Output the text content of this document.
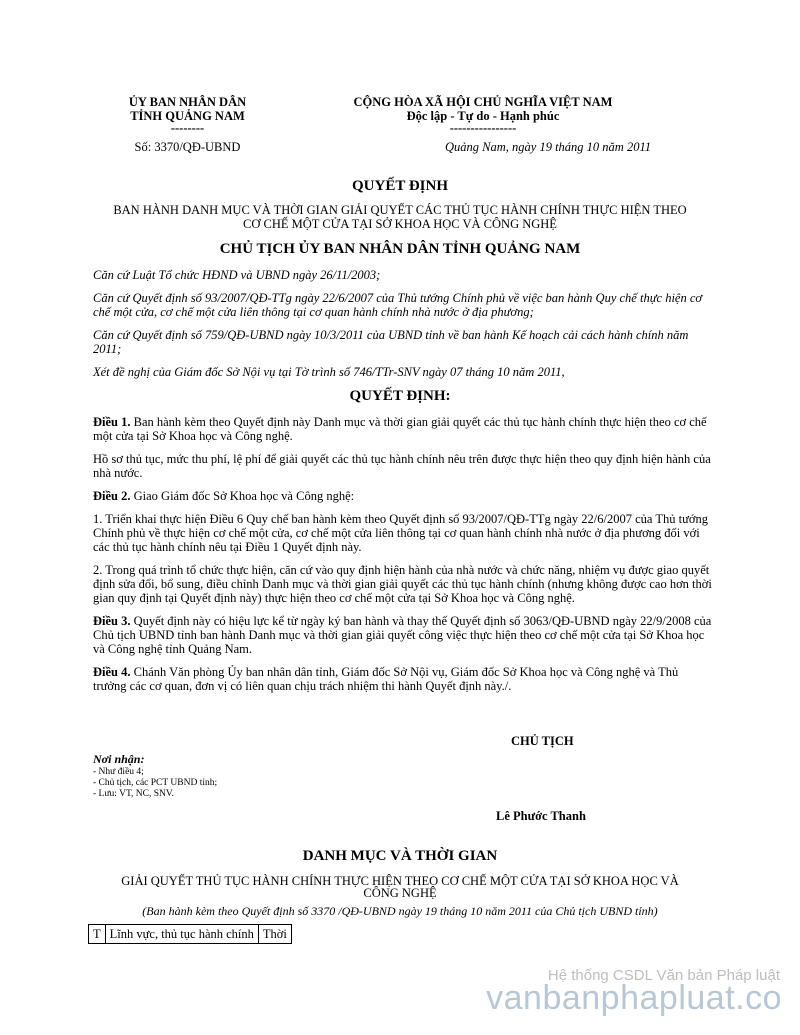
ỦY BAN NHÂN DÂN
TỈNH QUẢNG NAM
--------
Số: 3370/QĐ-UBND
CỘNG HÒA XÃ HỘI CHỦ NGHĨA VIỆT NAM
Độc lập - Tự do - Hạnh phúc
----------------
Quảng Nam, ngày 19 tháng 10 năm 2011
QUYẾT ĐỊNH
BAN HÀNH DANH MỤC VÀ THỜI GIAN GIẢI QUYẾT CÁC THỦ TỤC HÀNH CHÍNH THỰC HIỆN THEO
CƠ CHẾ MỘT CỬA TẠI SỞ KHOA HỌC VÀ CÔNG NGHỆ
CHỦ TỊCH ỦY BAN NHÂN DÂN TỈNH QUẢNG NAM

Căn cứ Luật Tổ chức HĐND và UBND ngày 26/11/2003;

Căn cứ Quyết định số 93/2007/QĐ-TTg ngày 22/6/2007 của Thủ tướng Chính phủ về việc ban hành Quy chế thực hiện cơ chế một cửa, cơ chế một cửa liên thông tại cơ quan hành chính nhà nước ở địa phương;

Căn cứ Quyết định số 759/QĐ-UBND ngày 10/3/2011 của UBND tỉnh về ban hành Kế hoạch cải cách hành chính năm 2011;

Xét đề nghị của Giám đốc Sở Nội vụ tại Tờ trình số 746/TTr-SNV ngày 07 tháng 10 năm 2011,

QUYẾT ĐỊNH:

Điều 1. Ban hành kèm theo Quyết định này Danh mục và thời gian giải quyết các thủ tục hành chính thực hiện theo cơ chế một cửa tại Sở Khoa học và Công nghệ.

Hồ sơ thủ tục, mức thu phí, lệ phí để giải quyết các thủ tục hành chính nêu trên được thực hiện theo quy định hiện hành của nhà nước.

Điều 2. Giao Giám đốc Sở Khoa học và Công nghệ:

1. Triển khai thực hiện Điều 6 Quy chế ban hành kèm theo Quyết định số 93/2007/QĐ-TTg ngày 22/6/2007 của Thủ tướng Chính phủ về thực hiện cơ chế một cửa, cơ chế một cửa liên thông tại cơ quan hành chính nhà nước ở địa phương đối với các thủ tục hành chính nêu tại Điều 1 Quyết định này.

2. Trong quá trình tổ chức thực hiện, căn cứ vào quy định hiện hành của nhà nước và chức năng, nhiệm vụ được giao quyết định sửa đổi, bổ sung, điều chỉnh Danh mục và thời gian giải quyết các thủ tục hành chính (nhưng không được cao hơn thời gian quy định tại Quyết định này) thực hiện theo cơ chế một cửa tại Sở Khoa học và Công nghệ.

Điều 3. Quyết định này có hiệu lực kể từ ngày ký ban hành và thay thế Quyết định số 3063/QĐ-UBND ngày 22/9/2008 của Chủ tịch UBND tỉnh ban hành Danh mục và thời gian giải quyết công việc thực hiện theo cơ chế một cửa tại Sở Khoa học và Công nghệ tỉnh Quảng Nam.

Điều 4. Chánh Văn phòng Ủy ban nhân dân tỉnh, Giám đốc Sở Nội vụ, Giám đốc Sở Khoa học và Công nghệ và Thủ trưởng các cơ quan, đơn vị có liên quan chịu trách nhiệm thi hành Quyết định này./.

CHỦ TỊCH
Lê Phước Thanh
Nơi nhận:
- Như điều 4;
- Chủ tịch, các PCT UBND tỉnh;
- Lưu: VT, NC, SNV.
DANH MỤC VÀ THỜI GIAN
GIẢI QUYẾT THỦ TỤC HÀNH CHÍNH THỰC HIỆN THEO CƠ CHẾ MỘT CỬA TẠI SỞ KHOA HỌC VÀ
CÔNG NGHỆ
(Ban hành kèm theo Quyết định số 3370 /QĐ-UBND ngày 19 tháng 10 năm 2011 của Chủ tịch UBND tỉnh)
T	Lĩnh vực, thủ tục hành chính	Thời
Hệ thống CSDL Văn bản Pháp luật
vanbanphapluat.co
